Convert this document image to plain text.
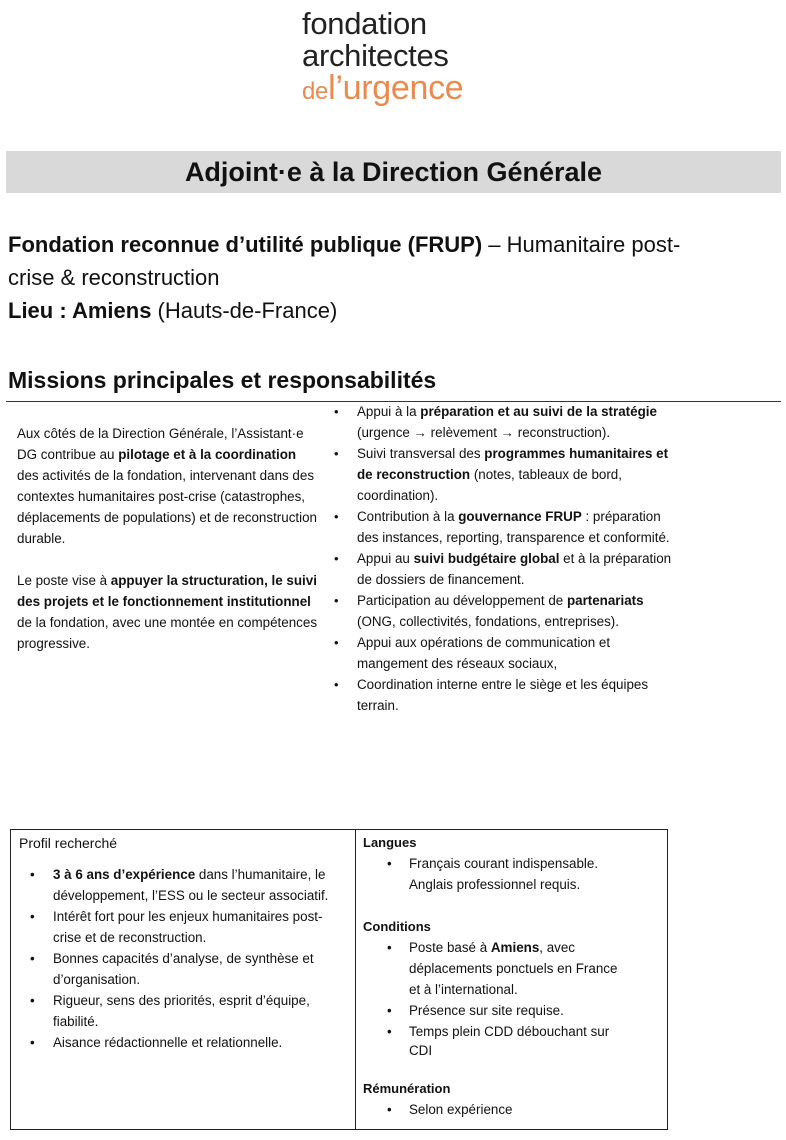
fondation
architectes
del’urgence
Adjoint·e à la Direction Générale
Fondation reconnue d’utilité publique (FRUP) – Humanitaire post-
crise & reconstruction
Lieu : Amiens (Hauts-de-France)
Missions principales et responsabilités

Aux côtés de la Direction Générale, l’Assistant·e DG contribue au pilotage et à la coordination des activités de la fondation, intervenant dans des contextes humanitaires post-crise (catastrophes, déplacements de populations) et de reconstruction durable.

Le poste vise à appuyer la structuration, le suivi des projets et le fonctionnement institutionnel de la fondation, avec une montée en compétences progressive.

• Appui à la préparation et au suivi de la stratégie (urgence → relèvement → reconstruction).
• Suivi transversal des programmes humanitaires et de reconstruction (notes, tableaux de bord, coordination).
• Contribution à la gouvernance FRUP : préparation des instances, reporting, transparence et conformité.
• Appui au suivi budgétaire global et à la préparation de dossiers de financement.
• Participation au développement de partenariats (ONG, collectivités, fondations, entreprises).
• Appui aux opérations de communication et mangement des réseaux sociaux,
• Coordination interne entre le siège et les équipes terrain.
Profil recherché
• 3 à 6 ans d’expérience dans l’humanitaire, le développement, l’ESS ou le secteur associatif.
• Intérêt fort pour les enjeux humanitaires post-crise et de reconstruction.
• Bonnes capacités d’analyse, de synthèse et d’organisation.
• Rigueur, sens des priorités, esprit d’équipe, fiabilité.
• Aisance rédactionnelle et relationnelle.
Langues
• Français courant indispensable.
Anglais professionnel requis.
Conditions
• Poste basé à Amiens, avec
déplacements ponctuels en France
et à l’international.
• Présence sur site requise.
• Temps plein CDD débouchant sur
CDI
Rémunération
• Selon expérience
